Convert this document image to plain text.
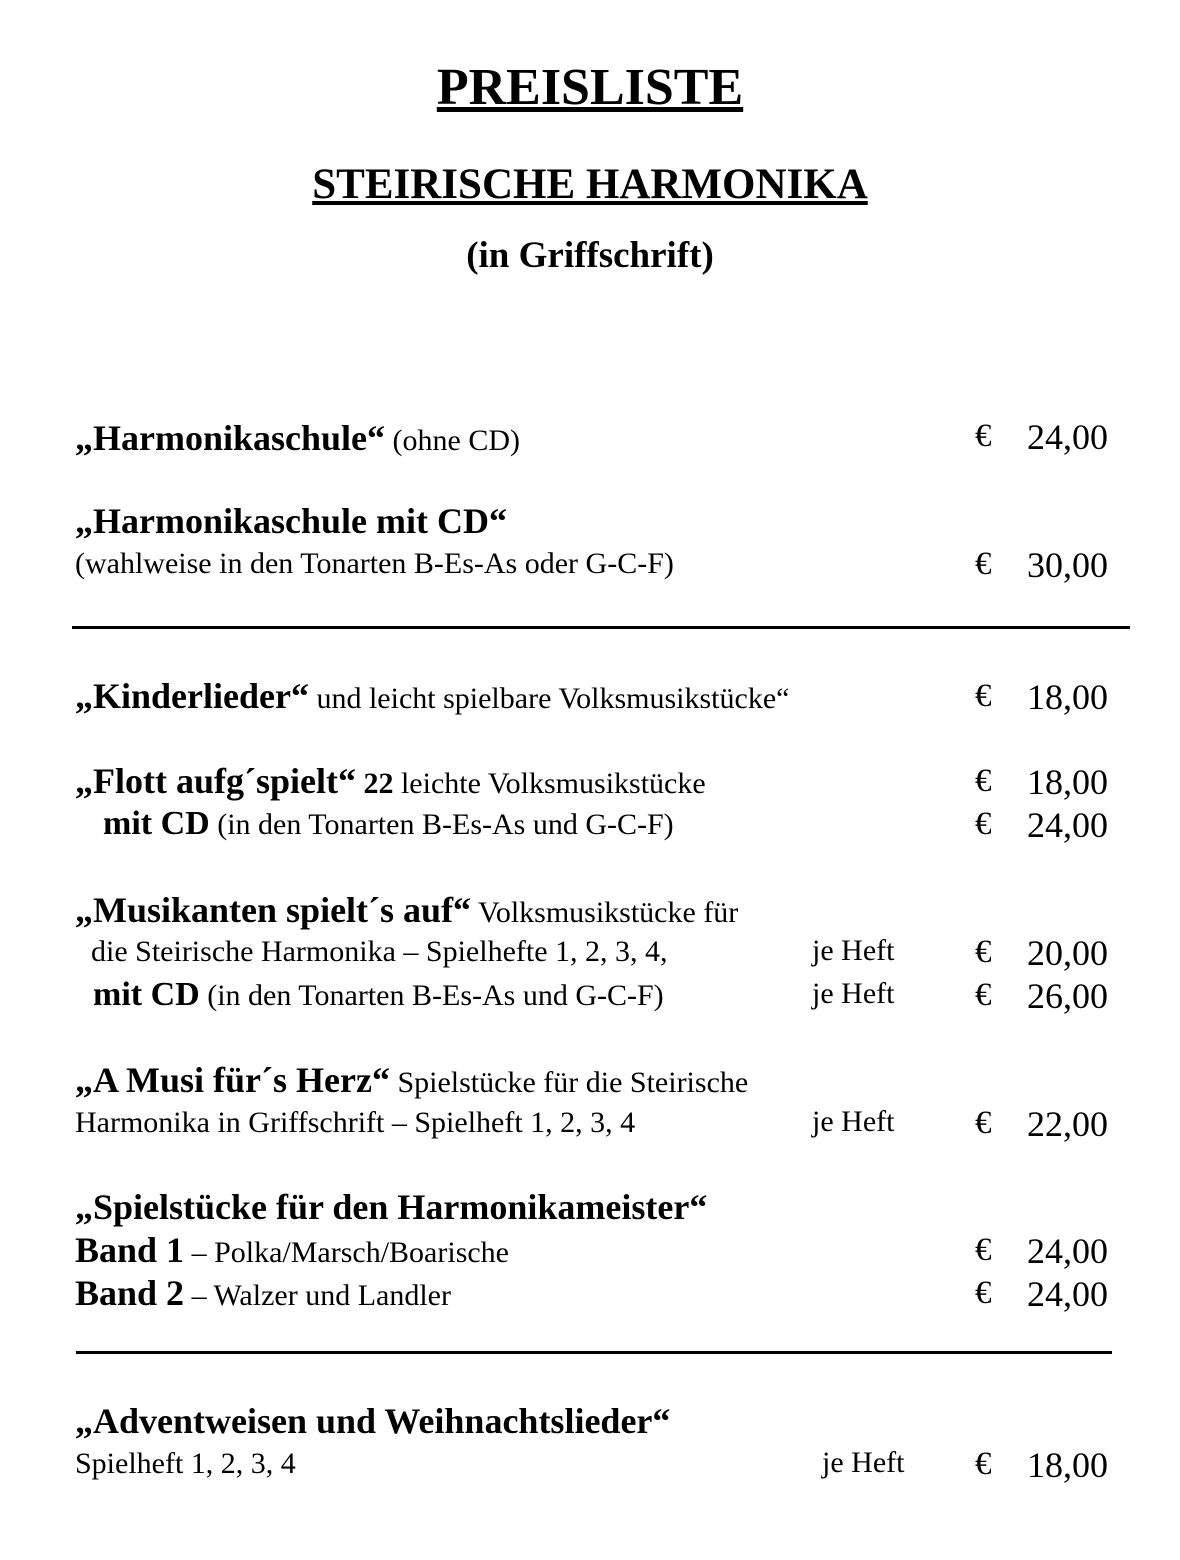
PREISLISTE
STEIRISCHE HARMONIKA
(in Griffschrift)
„Harmonikaschule“ (ohne CD)	€ 24,00
„Harmonikaschule mit CD“
(wahlweise in den Tonarten B-Es-As oder G-C-F)	€ 30,00
„Kinderlieder“ und leicht spielbare Volksmusikstücke“	€ 18,00
„Flott aufg´spielt“ 22 leichte Volksmusikstücke	€ 18,00
mit CD (in den Tonarten B-Es-As und G-C-F)	€ 24,00
„Musikanten spielt´s auf“ Volksmusikstücke für
die Steirische Harmonika – Spielhefte 1, 2, 3, 4,	je Heft € 20,00
mit CD (in den Tonarten B-Es-As und G-C-F)	je Heft € 26,00
„A Musi für´s Herz“ Spielstücke für die Steirische
Harmonika in Griffschrift – Spielheft 1, 2, 3, 4	je Heft € 22,00
„Spielstücke für den Harmonikameister“
Band 1 – Polka/Marsch/Boarische	€ 24,00
Band 2 – Walzer und Landler	€ 24,00
„Adventweisen und Weihnachtslieder“
Spielheft 1, 2, 3, 4	je Heft € 18,00
